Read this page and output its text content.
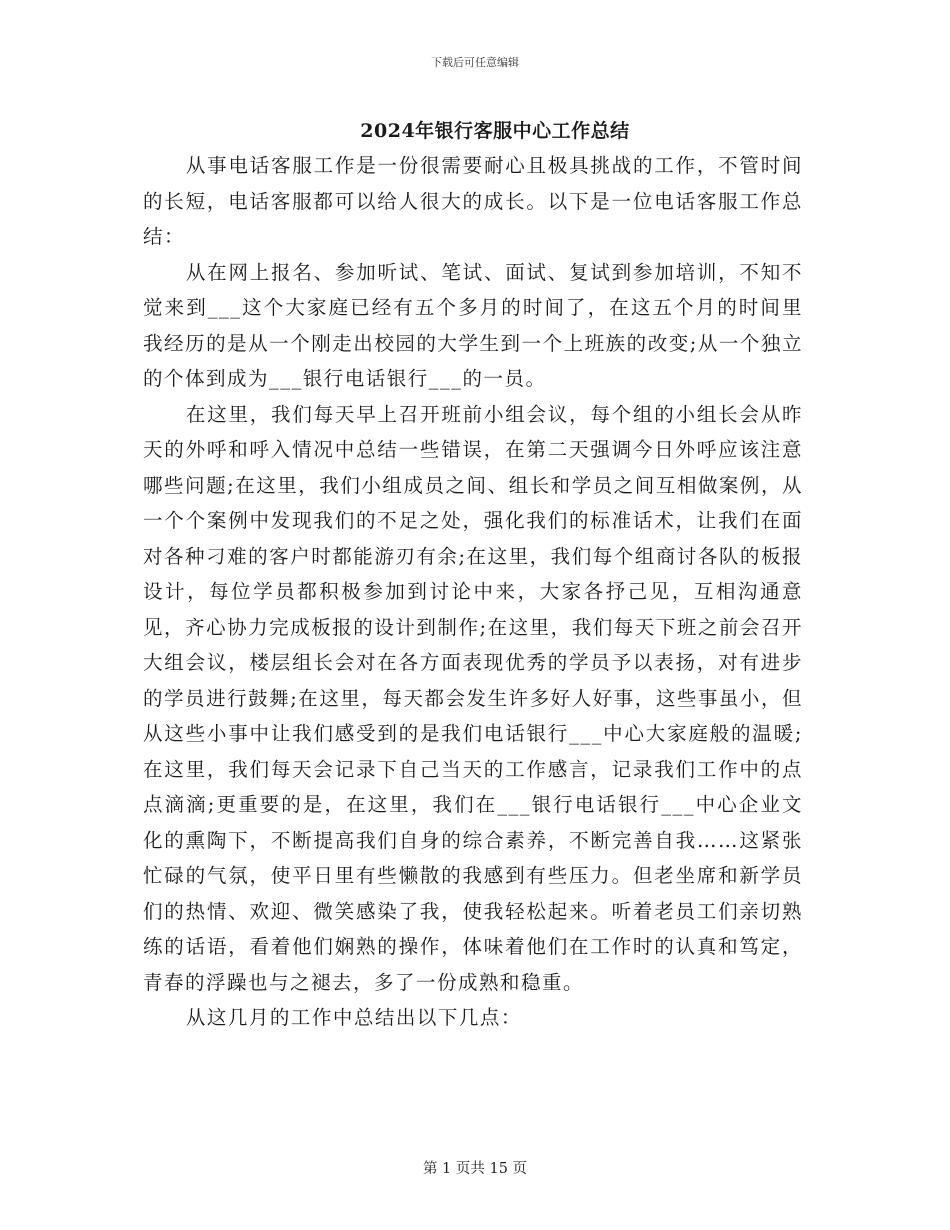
下载后可任意编辑
2024年银行客服中心工作总结

从事电话客服工作是一份很需要耐心且极具挑战的工作，不管时间的长短，电话客服都可以给人很大的成长。以下是一位电话客服工作总结：

从在网上报名、参加听试、笔试、面试、复试到参加培训，不知不觉来到___这个大家庭已经有五个多月的时间了，在这五个月的时间里我经历的是从一个刚走出校园的大学生到一个上班族的改变;从一个独立的个体到成为___银行电话银行___的一员。

在这里，我们每天早上召开班前小组会议，每个组的小组长会从昨天的外呼和呼入情况中总结一些错误，在第二天强调今日外呼应该注意哪些问题;在这里，我们小组成员之间、组长和学员之间互相做案例，从一个个案例中发现我们的不足之处，强化我们的标准话术，让我们在面对各种刁难的客户时都能游刃有余;在这里，我们每个组商讨各队的板报设计，每位学员都积极参加到讨论中来，大家各抒己见，互相沟通意见，齐心协力完成板报的设计到制作;在这里，我们每天下班之前会召开大组会议，楼层组长会对在各方面表现优秀的学员予以表扬，对有进步的学员进行鼓舞;在这里，每天都会发生许多好人好事，这些事虽小，但从这些小事中让我们感受到的是我们电话银行___中心大家庭般的温暖;在这里，我们每天会记录下自己当天的工作感言，记录我们工作中的点点滴滴;更重要的是，在这里，我们在___银行电话银行___中心企业文化的熏陶下，不断提高我们自身的综合素养，不断完善自我……这紧张忙碌的气氛，使平日里有些懒散的我感到有些压力。但老坐席和新学员们的热情、欢迎、微笑感染了我，使我轻松起来。听着老员工们亲切熟练的话语，看着他们娴熟的操作，体味着他们在工作时的认真和笃定，青春的浮躁也与之褪去，多了一份成熟和稳重。

从这几月的工作中总结出以下几点：

第 1 页共 15 页
